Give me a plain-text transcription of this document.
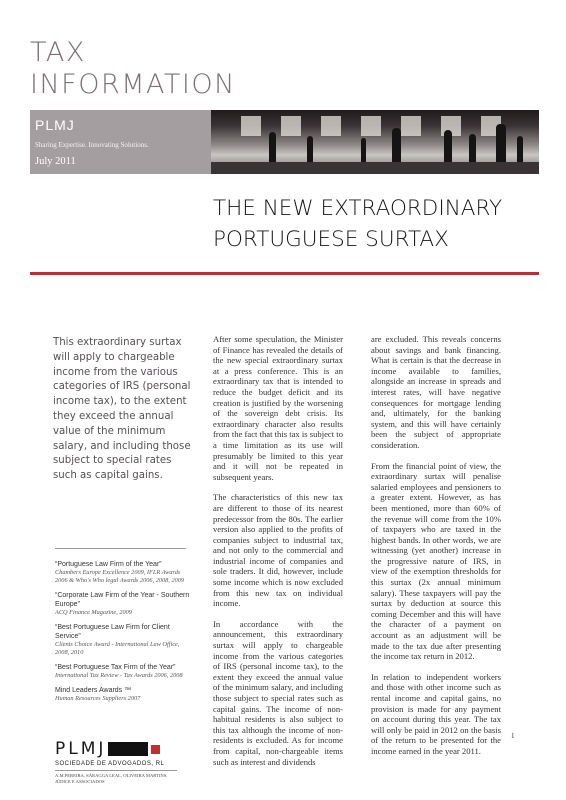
TAX
INFORMATION
PLMJ
Sharing Expertise. Innovating Solutions.
July 2011
THE NEW EXTRAORDINARY
PORTUGUESE SURTAX
This extraordinary surtax will apply to chargeable income from the various categories of IRS (personal income tax), to the extent they exceed the annual value of the minimum salary, and including those subject to special rates such as capital gains.
“Portuguese Law Firm of the Year”
Chambers Europe Excellence 2009, IFLR Awards 2006 & Who's Who legal Awards 2006, 2008, 2009
“Corporate Law Firm of the Year - Southern Europe”
ACQ Finance Magazine, 2009
“Best Portuguese Law Firm for Client Service”
Clients Choice Award - International Law Office, 2008, 2010
“Best Portuguese Tax Firm of the Year”
International Tax Review - Tax Awards 2006, 2008
Mind Leaders Awards ™
Human Resources Suppliers 2007
PLMJ
SOCIEDADE DE ADVOGADOS, RL
A.M.PEREIRA, SÁRAGGA LEAL, OLIVEIRA MARTINS, JÚDICE E ASSOCIADOS

After some speculation, the Minister of Finance has revealed the details of the new special extraordinary surtax at a press conference. This is an extraordinary tax that is intended to reduce the budget deficit and its creation is justified by the worsening of the sovereign debt crisis. Its extraordinary character also results from the fact that this tax is subject to a time limitation as its use will presumably be limited to this year and it will not be repeated in subsequent years.

The characteristics of this new tax are different to those of its nearest predecessor from the 80s. The earlier version also applied to the profits of companies subject to industrial tax, and not only to the commercial and industrial income of companies and sole traders. It did, however, include some income which is now excluded from this new tax on individual income.

In accordance with the announcement, this extraordinary surtax will apply to chargeable income from the various categories of IRS (personal income tax), to the extent they exceed the annual value of the minimum salary, and including those subject to special rates such as capital gains. The income of non-habitual residents is also subject to this tax although the income of non-residents is excluded. As for income from capital, non-chargeable items such as interest and dividends

are excluded. This reveals concerns about savings and bank financing. What is certain is that the decrease in income available to families, alongside an increase in spreads and interest rates, will have negative consequences for mortgage lending and, ultimately, for the banking system, and this will have certainly been the subject of appropriate consideration.

From the financial point of view, the extraordinary surtax will penalise salaried employees and pensioners to a greater extent. However, as has been mentioned, more than 60% of the revenue will come from the 10% of taxpayers who are taxed in the highest bands. In other words, we are witnessing (yet another) increase in the progressive nature of IRS, in view of the exemption thresholds for this surtax (2x annual minimum salary). These taxpayers will pay the surtax by deduction at source this coming December and this will have the character of a payment on account as an adjustment will be made to the tax due after presenting the income tax return in 2012.

In relation to independent workers and those with other income such as rental income and capital gains, no provision is made for any payment on account during this year. The tax will only be paid in 2012 on the basis of the return to be presented for the income earned in the year 2011.

1
